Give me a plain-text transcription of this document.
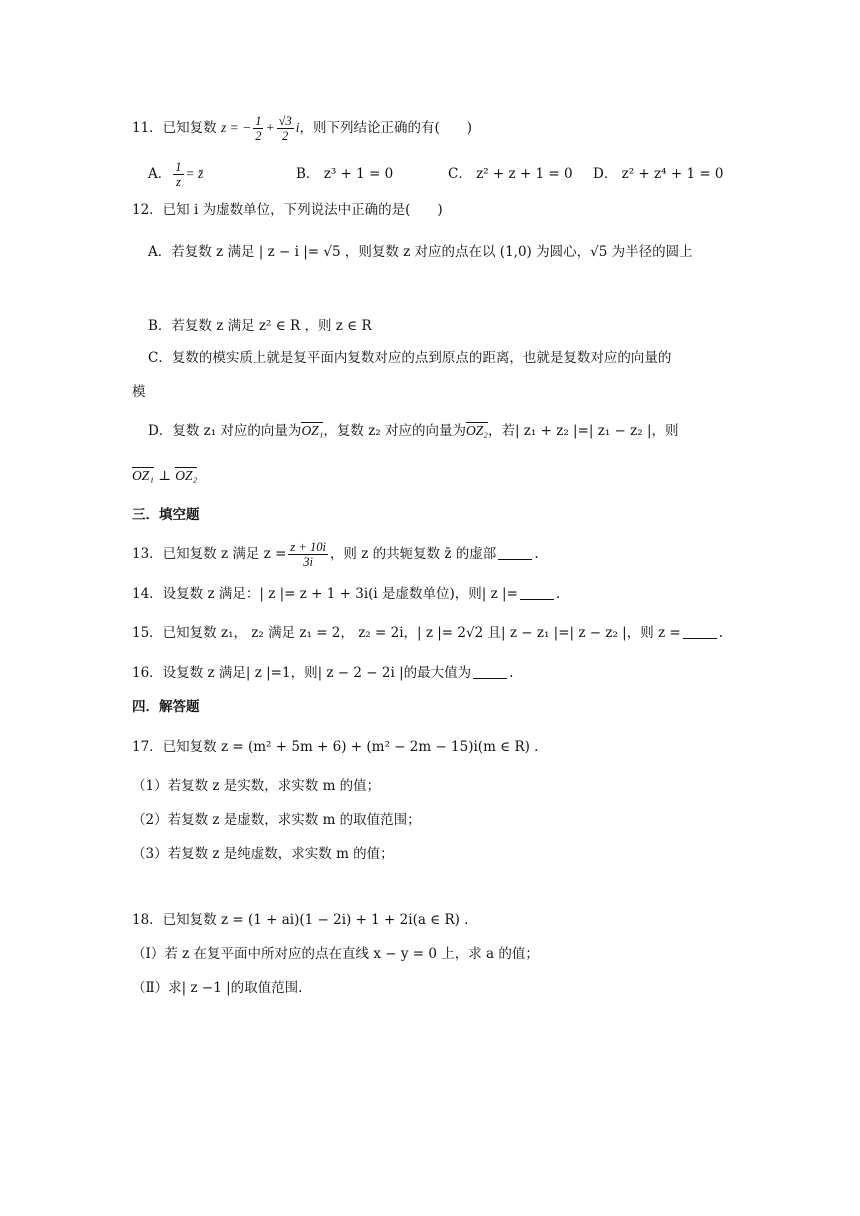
11．已知复数 z = − $\frac{1}{2} + \frac{√3}{2}$ i，则下列结论正确的有(　　)
A． $\frac{1}{z}$ = z̄	B． z³ + 1 = 0	C． z² + z + 1 = 0 D． z² + z⁴ + 1 = 0
12．已知 i 为虚数单位，下列说法中正确的是(　　)
A．若复数 z 满足 | z − i |= √5 ，则复数 z 对应的点在以 (1,0) 为圆心，√5 为半径的圆上
B．若复数 z 满足 z² ∈ R ，则 z ∈ R
C．复数的模实质上就是复平面内复数对应的点到原点的距离，也就是复数对应的向量的
模
D．复数 z₁ 对应的向量为OZ₁，复数 z₂ 对应的向量为OZ₂，若| z₁ + z₂ |=| z₁ − z₂ |，则
OZ₁ ⊥ OZ₂
三．填空题
13．已知复数 z 满足 $z = \frac{z + 10i}{3i}$ ，则 z 的共轭复数 z̄ 的虚部	.
14．设复数 z 满足：| z |= z + 1 + 3i(i 是虚数单位)，则| z |=	.
15．已知复数 z₁， z₂ 满足 z₁ = 2， z₂ = 2i，| z |= 2√2 且| z − z₁ |=| z − z₂ |，则 z =	.
16．设复数 z 满足| z |=1，则| z − 2 − 2i |的最大值为	.
四．解答题
17．已知复数 z = (m² + 5m + 6) + (m² − 2m − 15)i(m ∈ R) .
（1）若复数 z 是实数，求实数 m 的值；
（2）若复数 z 是虚数，求实数 m 的取值范围；
（3）若复数 z 是纯虚数，求实数 m 的值；
18．已知复数 z = (1 + ai)(1 − 2i) + 1 + 2i(a ∈ R) .
（Ⅰ）若 z 在复平面中所对应的点在直线 x − y = 0 上，求 a 的值；
（Ⅱ）求| z −1 |的取值范围.
